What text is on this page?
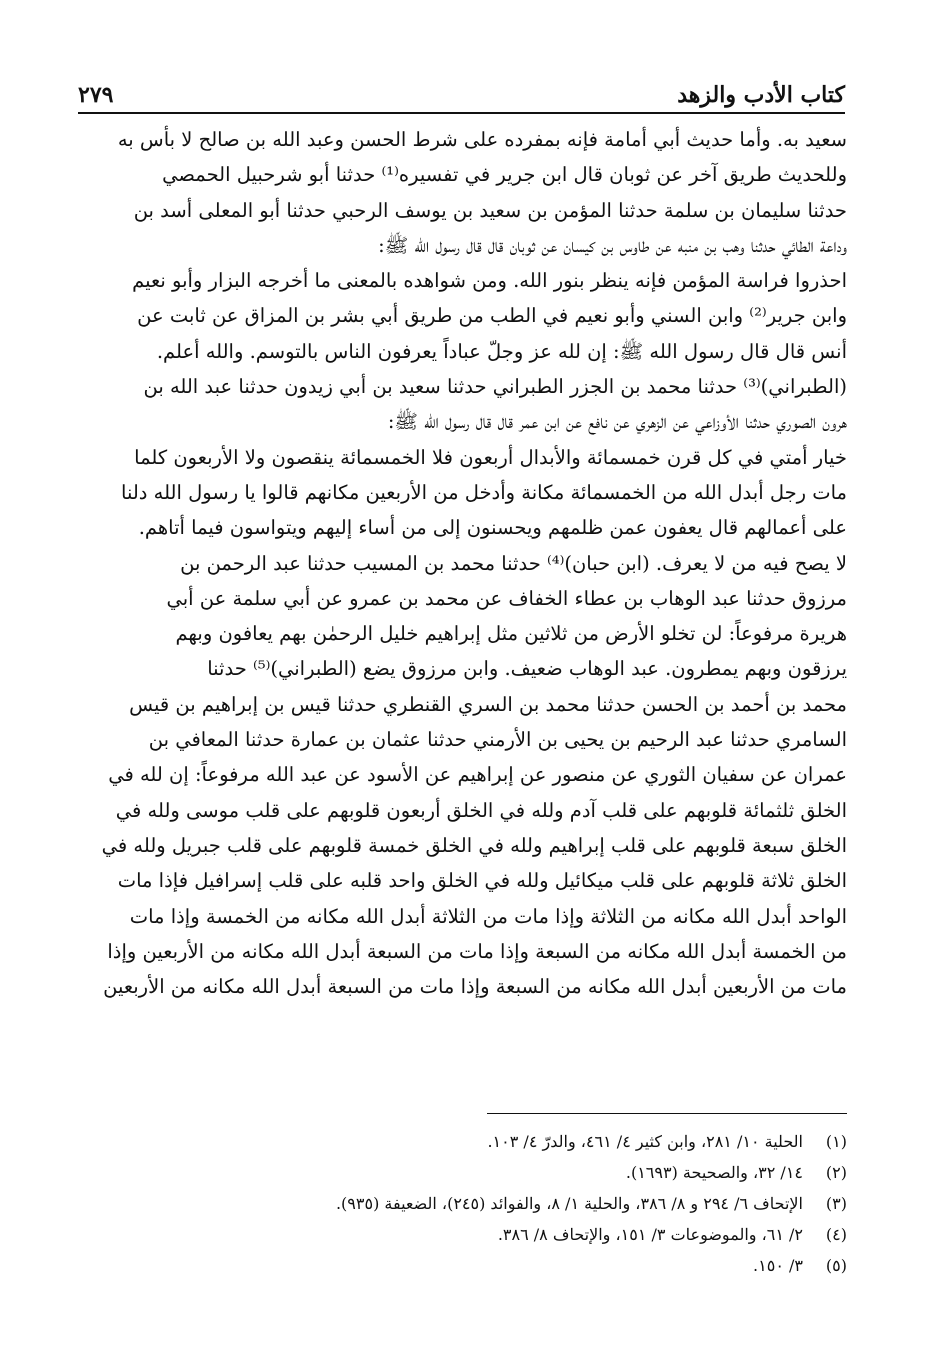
كتاب الأدب والزهد
٢٧٩
سعيد به. وأما حديث أبي أمامة فإنه بمفرده على شرط الحسن وعبد الله بن صالح لا بأس به
وللحديث طريق آخر عن ثوبان قال ابن جرير في تفسيره⁽¹⁾ حدثنا أبو شرحبيل الحمصي
حدثنا سليمان بن سلمة حدثنا المؤمن بن سعيد بن يوسف الرحبي حدثنا أبو المعلى أسد بن
وداعة الطائي حدثنا وهب بن منبه عن طاوس بن كيسان عن ثوبان قال قال رسول الله ﷺ:
احذروا فراسة المؤمن فإنه ينظر بنور الله. ومن شواهده بالمعنى ما أخرجه البزار وأبو نعيم
وابن جرير⁽²⁾ وابن السني وأبو نعيم في الطب من طريق أبي بشر بن المزاق عن ثابت عن
أنس قال قال رسول الله ﷺ: إن لله عز وجلّ عباداً يعرفون الناس بالتوسم. والله أعلم.
(الطبراني)⁽³⁾ حدثنا محمد بن الجزر الطبراني حدثنا سعيد بن أبي زيدون حدثنا عبد الله بن
هرون الصوري حدثنا الأوزاعي عن الزهري عن نافع عن ابن عمر قال قال رسول الله ﷺ:
خيار أمتي في كل قرن خمسمائة والأبدال أربعون فلا الخمسمائة ينقصون ولا الأربعون كلما
مات رجل أبدل الله من الخمسمائة مكانة وأدخل من الأربعين مكانهم قالوا يا رسول الله دلنا
على أعمالهم قال يعفون عمن ظلمهم ويحسنون إلى من أساء إليهم ويتواسون فيما أتاهم.
لا يصح فيه من لا يعرف. (ابن حبان)⁽⁴⁾ حدثنا محمد بن المسيب حدثنا عبد الرحمن بن
مرزوق حدثنا عبد الوهاب بن عطاء الخفاف عن محمد بن عمرو عن أبي سلمة عن أبي
هريرة مرفوعاً: لن تخلو الأرض من ثلاثين مثل إبراهيم خليل الرحمٰن بهم يعافون وبهم
يرزقون وبهم يمطرون. عبد الوهاب ضعيف. وابن مرزوق يضع (الطبراني)⁽⁵⁾ حدثنا
محمد بن أحمد بن الحسن حدثنا محمد بن السري القنطري حدثنا قيس بن إبراهيم بن قيس
السامري حدثنا عبد الرحيم بن يحيى بن الأرمني حدثنا عثمان بن عمارة حدثنا المعافي بن
عمران عن سفيان الثوري عن منصور عن إبراهيم عن الأسود عن عبد الله مرفوعاً: إن لله في
الخلق ثلثمائة قلوبهم على قلب آدم ولله في الخلق أربعون قلوبهم على قلب موسى ولله في
الخلق سبعة قلوبهم على قلب إبراهيم ولله في الخلق خمسة قلوبهم على قلب جبريل ولله في
الخلق ثلاثة قلوبهم على قلب ميكائيل ولله في الخلق واحد قلبه على قلب إسرافيل فإذا مات
الواحد أبدل الله مكانه من الثلاثة وإذا مات من الثلاثة أبدل الله مكانه من الخمسة وإذا مات
من الخمسة أبدل الله مكانه من السبعة وإذا مات من السبعة أبدل الله مكانه من الأربعين وإذا
مات من الأربعين أبدل الله مكانه من السبعة وإذا مات من السبعة أبدل الله مكانه من الأربعين
(١)
الحلية ١٠/ ٢٨١، وابن كثير ٤/ ٤٦١، والدرّ ٤/ ١٠٣.
(٢)
١٤/ ٣٢، والصحيحة (١٦٩٣).
(٣)
الإتحاف ٦/ ٢٩٤ و ٨/ ٣٨٦، والحلية ١/ ٨، والفوائد (٢٤٥)، الضعيفة (٩٣٥).
(٤)
٢/ ٦١، والموضوعات ٣/ ١٥١، والإتحاف ٨/ ٣٨٦.
(٥)
٣/ ١٥٠.
